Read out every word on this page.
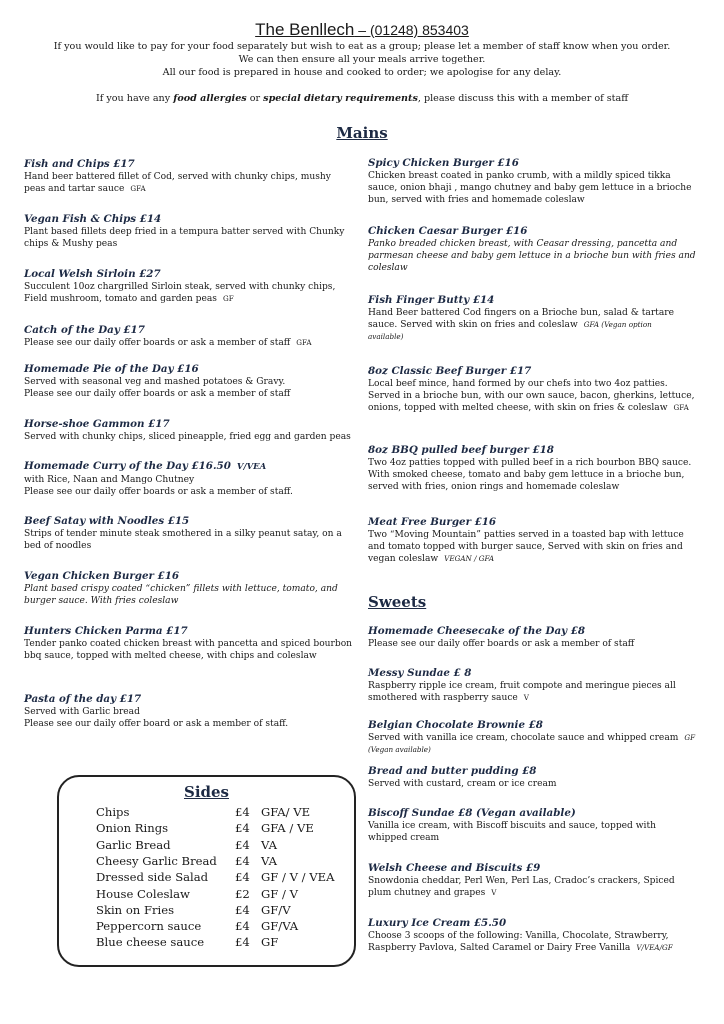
The Benllech – (01248) 853403
If you would like to pay for your food separately but wish to eat as a group; please let a member of staff know when you order.
We can then ensure all your meals arrive together.
All our food is prepared in house and cooked to order; we apologise for any delay.
If you have any food allergies or special dietary requirements, please discuss this with a member of staff
Mains
Fish and Chips £17
Hand beer battered fillet of Cod, served with chunky chips, mushy
peas and tartar sauce GFA
Vegan Fish & Chips £14
Plant based fillets deep fried in a tempura batter served with Chunky
chips & Mushy peas
Local Welsh Sirloin £27
Succulent 10oz chargrilled Sirloin steak, served with chunky chips,
Field mushroom, tomato and garden peas GF
Catch of the Day £17
Please see our daily offer boards or ask a member of staff GFA
Homemade Pie of the Day £16
Served with seasonal veg and mashed potatoes & Gravy.
Please see our daily offer boards or ask a member of staff
Horse-shoe Gammon £17
Served with chunky chips, sliced pineapple, fried egg and garden peas
Homemade Curry of the Day £16.50 V/VEA
with Rice, Naan and Mango Chutney
Please see our daily offer boards or ask a member of staff.
Beef Satay with Noodles £15
Strips of tender minute steak smothered in a silky peanut satay, on a
bed of noodles
Vegan Chicken Burger £16
Plant based crispy coated “chicken” fillets with lettuce, tomato, and
burger sauce. With fries coleslaw
Hunters Chicken Parma £17
Tender panko coated chicken breast with pancetta and spiced bourbon
bbq sauce, topped with melted cheese, with chips and coleslaw
Pasta of the day £17
Served with Garlic bread
Please see our daily offer board or ask a member of staff.
Spicy Chicken Burger £16
Chicken breast coated in panko crumb, with a mildly spiced tikka
sauce, onion bhaji , mango chutney and baby gem lettuce in a brioche
bun, served with fries and homemade coleslaw
Chicken Caesar Burger £16
Panko breaded chicken breast, with Ceasar dressing, pancetta and
parmesan cheese and baby gem lettuce in a brioche bun with fries and
coleslaw
Fish Finger Butty £14
Hand Beer battered Cod fingers on a Brioche bun, salad & tartare
sauce. Served with skin on fries and coleslaw GFA (Vegan option
available)
8oz Classic Beef Burger £17
Local beef mince, hand formed by our chefs into two 4oz patties.
Served in a brioche bun, with our own sauce, bacon, gherkins, lettuce,
onions, topped with melted cheese, with skin on fries & coleslaw GFA
8oz BBQ pulled beef burger £18
Two 4oz patties topped with pulled beef in a rich bourbon BBQ sauce.
With smoked cheese, tomato and baby gem lettuce in a brioche bun,
served with fries, onion rings and homemade coleslaw
Meat Free Burger £16
Two “Moving Mountain” patties served in a toasted bap with lettuce
and tomato topped with burger sauce, Served with skin on fries and
vegan coleslaw VEGAN / GFA
Sweets
Homemade Cheesecake of the Day £8
Please see our daily offer boards or ask a member of staff
Messy Sundae £ 8
Raspberry ripple ice cream, fruit compote and meringue pieces all
smothered with raspberry sauce V
Belgian Chocolate Brownie £8
Served with vanilla ice cream, chocolate sauce and whipped cream GF (Vegan available)
Bread and butter pudding £8
Served with custard, cream or ice cream
Biscoff Sundae £8 (Vegan available)
Vanilla ice cream, with Biscoff biscuits and sauce, topped with
whipped cream
Welsh Cheese and Biscuits £9
Snowdonia cheddar, Perl Wen, Perl Las, Cradoc’s crackers, Spiced
plum chutney and grapes V
Luxury Ice Cream £5.50
Choose 3 scoops of the following: Vanilla, Chocolate, Strawberry,
Raspberry Pavlova, Salted Caramel or Dairy Free Vanilla V/VEA/GF
Sides
Chips	£4 GFA/ VE
Onion Rings	£4 GFA / VE
Garlic Bread	£4 VA
Cheesy Garlic Bread £4 VA
Dressed side Salad £4 GF / V / VEA
House Coleslaw	£2 GF / V
Skin on Fries	£4 GF/V
Peppercorn sauce	£4 GF/VA
Blue cheese sauce	£4 GF
